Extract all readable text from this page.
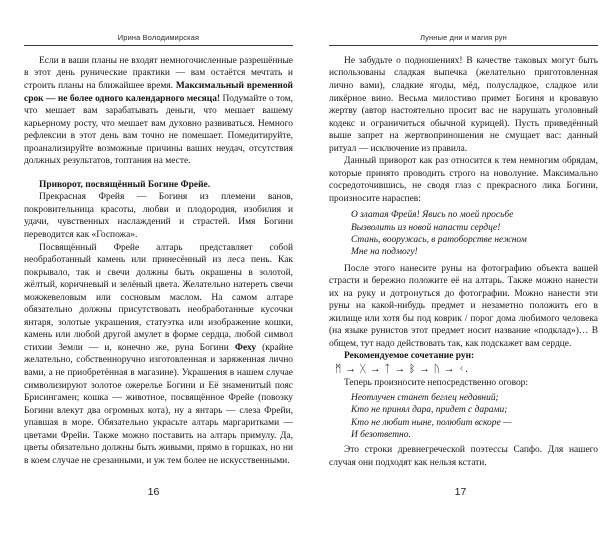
Ирина Володимирская

Если в ваши планы не входят немногочисленные разрешённые в этот день рунические практики — вам остаётся мечтать и строить планы на ближайшее время. Максимальный временной срок — не более одного календарного месяца! Подумайте о том, что мешает вам зарабатывать деньги, что мешает вашему карьерному росту, что мешает вам духовно развиваться. Немного рефлексии в этот день вам точно не помешает. Помедитируйте, проанализируйте возможные причины ваших неудач, отсутствия должных результатов, топтания на месте.

Приворот, посвящённый Богине Фрейе.

Прекрасная Фрейя — Богиня из племени ванов, покровительница красоты, любви и плодородия, изобилия и удачи, чувственных наслаждений и страстей. Имя Богини переводится как «Госпожа».

Посвящённый Фрейе алтарь представляет собой необработанный камень или принесённый из леса пень. Как покрывало, так и свечи должны быть окрашены в золотой, жёлтый, коричневый и зелёный цвета. Желательно натереть свечи можжевеловым или сосновым маслом. На самом алтаре обязательно должны присутствовать необработанные кусочки янтаря, золотые украшения, статуэтка или изображение кошки, камень или любой другой амулет в форме сердца, любой символ стихии Земли — и, конечно же, руна Богини Феху (крайне желательно, собственноручно изготовленная и заряженная лично вами, а не приобретённая в магазине). Украшения в нашем случае символизируют золотое ожерелье Богини и Её знаменитый пояс Брисингамен; кошка — животное, посвящённое Фрейе (повозку Богини влекут два огромных кота), ну а янтарь — слеза Фрейи, упавшая в море. Обязательно украсьте алтарь маргаритками — цветами Фрейи. Также можно поставить на алтарь примулу. Да, цветы обязательно должны быть живыми, прямо в горшках, но ни в коем случае не срезанными, и уж тем более не искусственными.

16
Лунные дни и магия рун

Не забудьте о подношениях! В качестве таковых могут быть использованы сладкая выпечка (желательно приготовленная лично вами), сладкие ягоды, мёд, полусладкое, сладкое или ликёрное вино. Весьма милостиво примет Богиня и кровавую жертву (автор настоятельно просит вас не нарушать уголовный кодекс и ограничиться обычной курицей). Пусть приведённый выше запрет на жертвоприношения не смущает вас: данный ритуал — исключение из правила.

Данный приворот как раз относится к тем немногим обрядам, которые принято проводить строго на новолуние. Максимально сосредоточившись, не сводя глаз с прекрасного лика Богини, произносите нараспев:

О златая Фрейя! Явись по моей просьбе
Вызволить из новой напасти сердце!
Стань, вооружась, в ратоборстве нежном
Мне на подмогу!

После этого нанесите руны на фотографию объекта вашей страсти и бережно положите её на алтарь. Также можно нанести их на руку и дотронуться до фотографии. Можно нанести эти руны на какой-нибудь предмет и незаметно положить его в жилище или хотя бы под коврик / порог дома любимого человека (на языке рунистов этот предмет носит название «подклад»)… В общем, тут надо действовать так, как подскажет вам сердце.

Рекомендуемое сочетание рун:

ᛗ → ᚷ → ᛏ → ᛒ → ᚢ → ᚲ.

Теперь произносите непосредственно оговор:

Неотлучен станет беглец недавний;
Кто не принял дара, придет с дарами;
Кто не любит ныне, полюбит вскоре —
И безответно.

Это строки древнегреческой поэтессы Сапфо. Для нашего случая они подходят как нельзя кстати.

17
